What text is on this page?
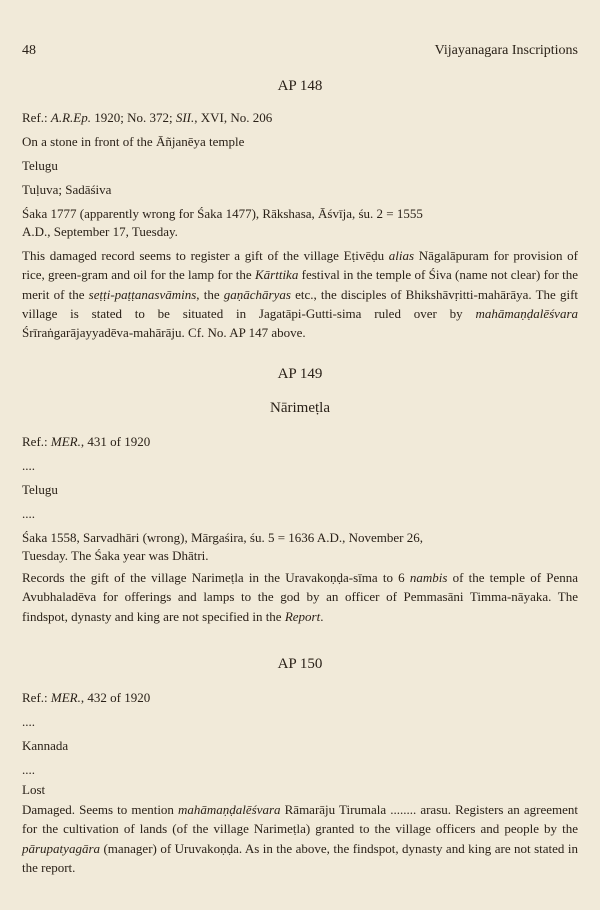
48	Vijayanagara Inscriptions
AP 148
Ref.: A.R.Ep. 1920; No. 372; SII., XVI, No. 206
On a stone in front of the Āñjanēya temple
Telugu
Tuḷuva; Sadāśiva
Śaka 1777 (apparently wrong for Śaka 1477), Rākshasa, Āśvīja, śu. 2 = 1555
A.D., September 17, Tuesday.
This damaged record seems to register a gift of the village Eṭivēḍu alias Nāgalāpuram for provision of rice, green-gram and oil for the lamp for the Kārttika festival in the temple of Śiva (name not clear) for the merit of the seṭṭi-paṭṭanasvāmins, the gaṇāchāryas etc., the disciples of Bhikshāvṛitti-mahārāya. The gift village is stated to be situated in Jagatāpi-Gutti-sima ruled over by mahāmaṇḍalēśvara Śrīraṅgarājayyadēva-mahārāju. Cf. No. AP 147 above.
AP 149
Nārimeṭla
Ref.: MER., 431 of 1920
....
Telugu
....
Śaka 1558, Sarvadhāri (wrong), Mārgaśira, śu. 5 = 1636 A.D., November 26,
Tuesday. The Śaka year was Dhātri.
Records the gift of the village Narimeṭla in the Uravakoṇḍa-sīma to 6 nambis of the temple of Penna Avubhaladēva for offerings and lamps to the god by an officer of Pemmasāni Timma-nāyaka. The findspot, dynasty and king are not specified in the Report.
AP 150
Ref.: MER., 432 of 1920
....
Kannada
....
Lost
Damaged. Seems to mention mahāmaṇḍalēśvara Rāmarāju Tirumala ........ arasu. Registers an agreement for the cultivation of lands (of the village Narimeṭla) granted to the village officers and people by the pārupatyagāra (manager) of Uruvakoṇḍa. As in the above, the findspot, dynasty and king are not stated in the report.
